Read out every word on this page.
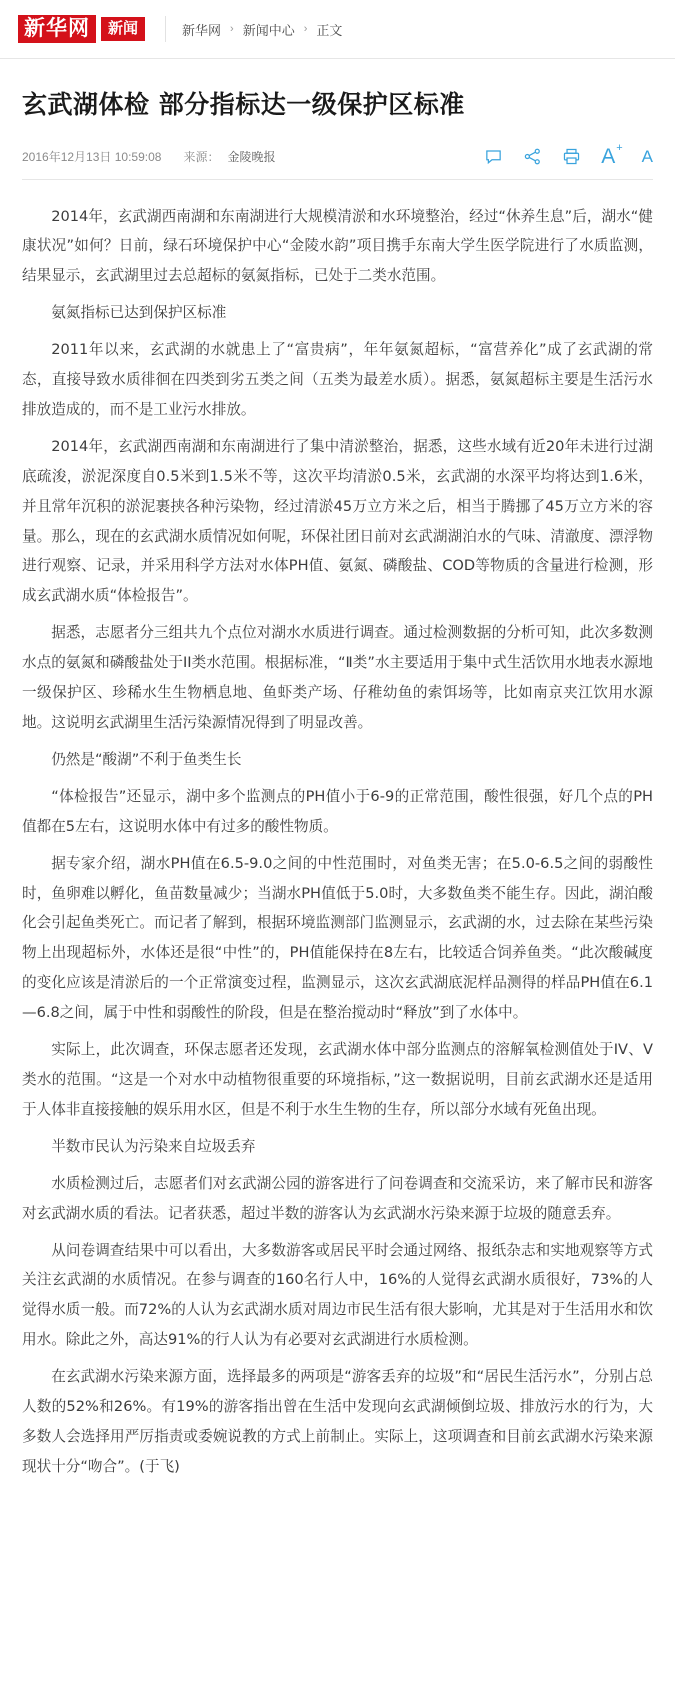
新华网	新闻	新华网 › 新闻中心 › 正文
玄武湖体检 部分指标达一级保护区标准
2016年12月13日 10:59:08 来源： 金陵晚报	A+ A

2014年，玄武湖西南湖和东南湖进行大规模清淤和水环境整治，经过“休养生息”后，湖水“健康状况”如何？日前，绿石环境保护中心“金陵水韵”项目携手东南大学生医学院进行了水质监测，结果显示，玄武湖里过去总超标的氨氮指标，已处于二类水范围。

氨氮指标已达到保护区标准

2011年以来，玄武湖的水就患上了“富贵病”，年年氨氮超标，“富营养化”成了玄武湖的常态，直接导致水质徘徊在四类到劣五类之间（五类为最差水质）。据悉，氨氮超标主要是生活污水排放造成的，而不是工业污水排放。

2014年，玄武湖西南湖和东南湖进行了集中清淤整治，据悉，这些水域有近20年未进行过湖底疏浚，淤泥深度自0.5米到1.5米不等，这次平均清淤0.5米，玄武湖的水深平均将达到1.6米，并且常年沉积的淤泥裹挟各种污染物，经过清淤45万立方米之后，相当于腾挪了45万立方米的容量。那么，现在的玄武湖水质情况如何呢，环保社团日前对玄武湖湖泊水的气味、清澈度、漂浮物进行观察、记录，并采用科学方法对水体PH值、氨氮、磷酸盐、COD等物质的含量进行检测，形成玄武湖水质“体检报告”。

据悉，志愿者分三组共九个点位对湖水水质进行调查。通过检测数据的分析可知，此次多数测水点的氨氮和磷酸盐处于II类水范围。根据标准，“Ⅱ类”水主要适用于集中式生活饮用水地表水源地一级保护区、珍稀水生生物栖息地、鱼虾类产场、仔稚幼鱼的索饵场等，比如南京夹江饮用水源地。这说明玄武湖里生活污染源情况得到了明显改善。

仍然是“酸湖”不利于鱼类生长

“体检报告”还显示，湖中多个监测点的PH值小于6-9的正常范围，酸性很强，好几个点的PH值都在5左右，这说明水体中有过多的酸性物质。

据专家介绍，湖水PH值在6.5-9.0之间的中性范围时，对鱼类无害；在5.0-6.5之间的弱酸性时，鱼卵难以孵化，鱼苗数量减少；当湖水PH值低于5.0时，大多数鱼类不能生存。因此，湖泊酸化会引起鱼类死亡。而记者了解到，根据环境监测部门监测显示，玄武湖的水，过去除在某些污染物上出现超标外，水体还是很“中性”的，PH值能保持在8左右，比较适合饲养鱼类。“此次酸碱度的变化应该是清淤后的一个正常演变过程，监测显示，这次玄武湖底泥样品测得的样品PH值在6.1—6.8之间，属于中性和弱酸性的阶段，但是在整治搅动时“释放”到了水体中。

实际上，此次调查，环保志愿者还发现，玄武湖水体中部分监测点的溶解氧检测值处于IV、V类水的范围。“这是一个对水中动植物很重要的环境指标，”这一数据说明，目前玄武湖水还是适用于人体非直接接触的娱乐用水区，但是不利于水生生物的生存，所以部分水域有死鱼出现。

半数市民认为污染来自垃圾丢弃

水质检测过后，志愿者们对玄武湖公园的游客进行了问卷调查和交流采访，来了解市民和游客对玄武湖水质的看法。记者获悉，超过半数的游客认为玄武湖水污染来源于垃圾的随意丢弃。

从问卷调查结果中可以看出，大多数游客或居民平时会通过网络、报纸杂志和实地观察等方式关注玄武湖的水质情况。在参与调查的160名行人中，16%的人觉得玄武湖水质很好，73%的人觉得水质一般。而72%的人认为玄武湖水质对周边市民生活有很大影响，尤其是对于生活用水和饮用水。除此之外，高达91%的行人认为有必要对玄武湖进行水质检测。

在玄武湖水污染来源方面，选择最多的两项是“游客丢弃的垃圾”和“居民生活污水”，分别占总人数的52%和26%。有19%的游客指出曾在生活中发现向玄武湖倾倒垃圾、排放污水的行为，大多数人会选择用严厉指责或委婉说教的方式上前制止。实际上，这项调查和目前玄武湖水污染来源现状十分“吻合”。(于飞)
